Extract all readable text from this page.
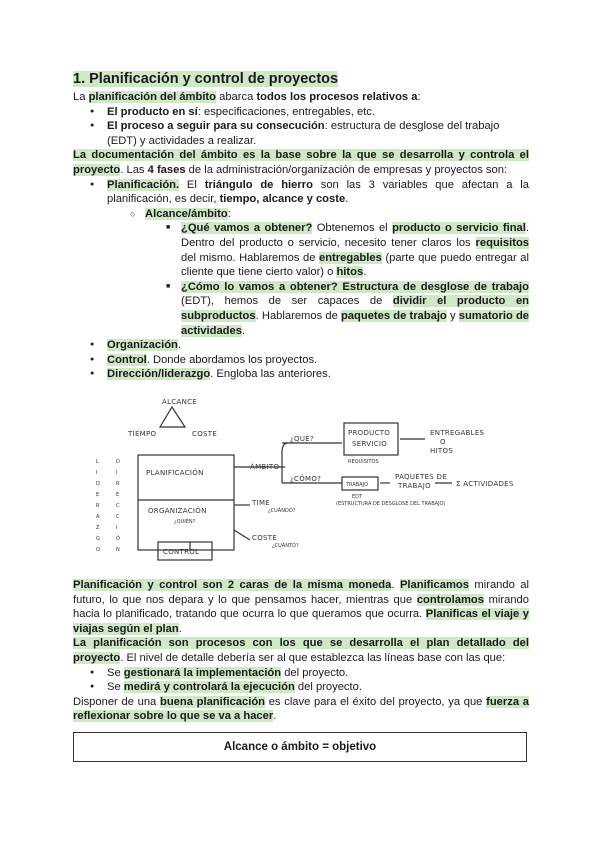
1. Planificación y control de proyectos

La planificación del ámbito abarca todos los procesos relativos a:

● El producto en sí: especificaciones, entregables, etc.
● El proceso a seguir para su consecución: estructura de desglose del trabajo (EDT) y actividades a realizar.

La documentación del ámbito es la base sobre la que se desarrolla y controla el proyecto. Las 4 fases de la administración/organización de empresas y proyectos son:

● Planificación. El triángulo de hierro son las 3 variables que afectan a la planificación, es decir, tiempo, alcance y coste.
○ Alcance/ámbito:
■ ¿Qué vamos a obtener? Obtenemos el producto o servicio final. Dentro del producto o servicio, necesito tener claros los requisitos del mismo. Hablaremos de entregables (parte que puedo entregar al cliente que tiene cierto valor) o hitos.
■ ¿Cómo lo vamos a obtener? Estructura de desglose de trabajo (EDT), hemos de ser capaces de dividir el producto en subproductos. Hablaremos de paquetes de trabajo y sumatorio de actividades.
● Organización.
● Control. Donde abordamos los proyectos.
● Dirección/liderazgo. Engloba las anteriores.
ALCANCE
TIEMPO	COSTE
PLANIFICACIÓN
ORGANIZACIÓN
¿QUIÉN?
CONTROL
ÁMBITO
¿QUÉ?
¿CÓMO?
PRODUCTO
SERVICIO
REQUISITOS
ENTREGABLES
O
HITOS
TRABAJO
EDT
(ESTRUCTURA DE DESGLOSE DEL TRABAJO)
PAQUETES DE
TRABAJO	Σ ACTIVIDADES
TIME
¿CUÁNDO?
COSTE
¿CUÁNTO?
L
I
D
E
R
A
Z
G
O
D
I
R
E
C
C
I
Ó
N

Planificación y control son 2 caras de la misma moneda. Planificamos mirando al futuro, lo que nos depara y lo que pensamos hacer, mientras que controlamos mirando hacia lo planificado, tratando que ocurra lo que queramos que ocurra. Planificas el viaje y viajas según el plan.

La planificación son procesos con los que se desarrolla el plan detallado del proyecto. El nivel de detalle debería ser al que establezca las líneas base con las que:

● Se gestionará la implementación del proyecto.
● Se medirá y controlará la ejecución del proyecto.

Disponer de una buena planificación es clave para el éxito del proyecto, ya que fuerza a reflexionar sobre lo que se va a hacer.

Alcance o ámbito = objetivo
